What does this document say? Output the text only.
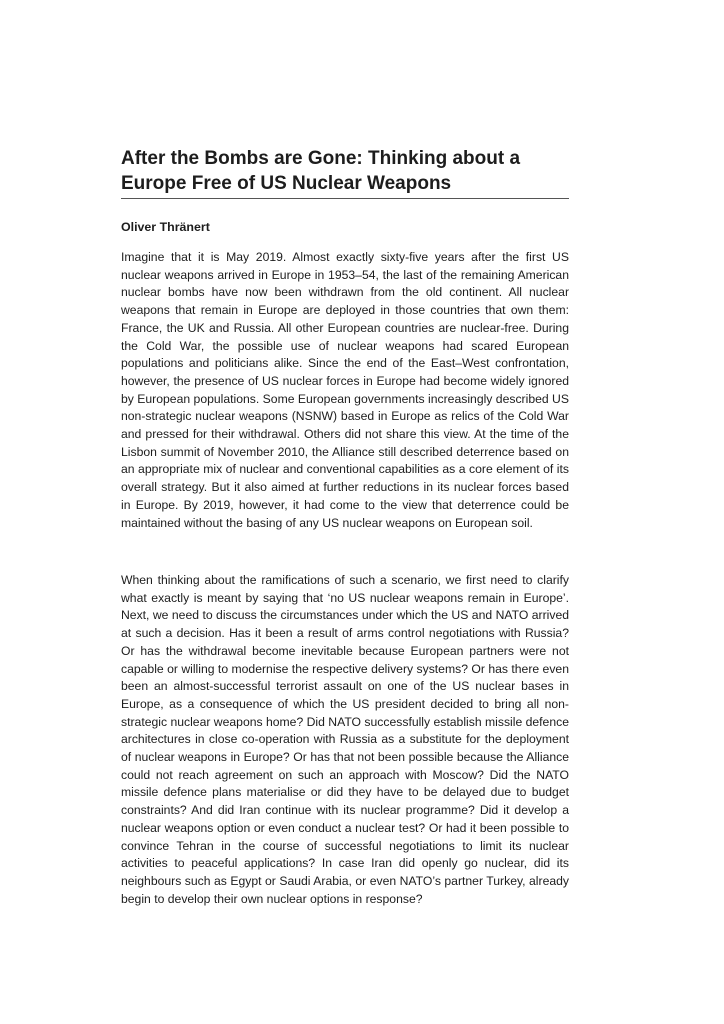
After the Bombs are Gone: Thinking about a Europe Free of US Nuclear Weapons

Oliver Thränert

Imagine that it is May 2019. Almost exactly sixty-five years after the first US nuclear weapons arrived in Europe in 1953–54, the last of the remaining American nuclear bombs have now been withdrawn from the old continent. All nuclear weapons that remain in Europe are deployed in those countries that own them: France, the UK and Russia. All other European countries are nuclear-free. During the Cold War, the possible use of nuclear weapons had scared European populations and politicians alike. Since the end of the East–West confrontation, however, the presence of US nuclear forces in Europe had become widely ignored by European populations. Some European governments increasingly described US non-strategic nuclear weapons (NSNW) based in Europe as relics of the Cold War and pressed for their withdrawal. Others did not share this view. At the time of the Lisbon summit of November 2010, the Alliance still described deterrence based on an appropriate mix of nuclear and conventional capabilities as a core element of its overall strategy. But it also aimed at further reductions in its nuclear forces based in Europe. By 2019, however, it had come to the view that deterrence could be maintained without the basing of any US nuclear weapons on European soil.

When thinking about the ramifications of such a scenario, we first need to clarify what exactly is meant by saying that ‘no US nuclear weapons remain in Europe’. Next, we need to discuss the circumstances under which the US and NATO arrived at such a decision. Has it been a result of arms control negotiations with Russia? Or has the withdrawal become inevitable because European partners were not capable or willing to modernise the respective delivery systems? Or has there even been an almost-successful terrorist assault on one of the US nuclear bases in Europe, as a consequence of which the US president decided to bring all non-strategic nuclear weapons home? Did NATO successfully establish missile defence architectures in close co-operation with Russia as a substitute for the deployment of nuclear weapons in Europe? Or has that not been possible because the Alliance could not reach agreement on such an approach with Moscow? Did the NATO missile defence plans materialise or did they have to be delayed due to budget constraints? And did Iran continue with its nuclear programme? Did it develop a nuclear weapons option or even conduct a nuclear test? Or had it been possible to convince Tehran in the course of successful negotiations to limit its nuclear activities to peaceful applications? In case Iran did openly go nuclear, did its neighbours such as Egypt or Saudi Arabia, or even NATO’s partner Turkey, already begin to develop their own nuclear options in response?
